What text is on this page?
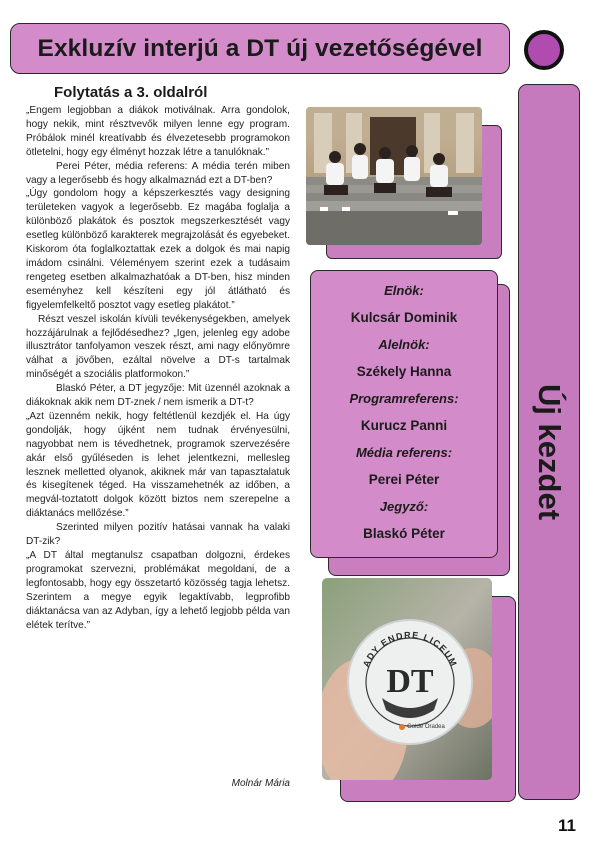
Exkluzív interjú a DT új vezetőségével
Új kezdet
Folytatás a 3. oldalról

„Engem legjobban a diákok motiválnak. Arra gondolok, hogy nekik, mint résztvevők milyen lenne egy program. Próbálok minél kreatívabb és élvezetesebb programokon ötletelni, hogy egy élményt hozzak létre a tanulóknak.”

Perei Péter, média referens: A média terén miben vagy a legerősebb és hogy alkalmaznád ezt a DT-ben?

„Úgy gondolom hogy a képszerkesztés vagy designing területeken vagyok a legerősebb. Ez magába foglalja a különböző plakátok és posztok megszerkesztését vagy esetleg különböző karakterek megrajzolását és egyebeket. Kiskorom óta foglalkoztattak ezek a dolgok és mai napig imádom csinálni. Véleményem szerint ezek a tudásaim rengeteg esetben alkalmazhatóak a DT-ben, hisz minden eseményhez kell készíteni egy jól átlátható és figyelemfelkeltő posztot vagy esetleg plakátot.”

Részt veszel iskolán kívüli tevékenységekben, amelyek hozzájárulnak a fejlődésedhez? „Igen, jelenleg egy adobe illusztrátor tanfolyamon veszek részt, ami nagy előnyömre válhat a jövőben, ezáltal növelve a DT-s tartalmak minőségét a szociális platformokon.”

Blaskó Péter, a DT jegyzője: Mit üzennél azoknak a diákoknak akik nem DT-znek / nem ismerik a DT-t?

„Azt üzenném nekik, hogy feltétlenül kezdjék el. Ha úgy gondolják, hogy újként nem tudnak érvényesülni, nagyobbat nem is tévedhetnek, programok szervezésére akár első gyűléseden is lehet jelentkezni, mellesleg lesznek melletted olyanok, akiknek már van tapasztalatuk és kisegítenek téged. Ha visszamehetnék az időben, a megvál-toztatott dolgok között biztos nem szerepelne a diáktanács mellőzése.”

Szerinted milyen pozitív hatásai vannak ha valaki DT-zik?

„A DT által megtanulsz csapatban dolgozni, érdekes programokat szervezni, problémákat megoldani, de a legfontosabb, hogy egy összetartó közösség tagja lehetsz. Szerintem a megye egyik legaktívabb, legprofibb diáktanácsa van az Adyban, így a lehető legjobb példa van elétek terítve.”

Molnár Mária
Elnök:
Kulcsár Dominik
Alelnök:
Székely Hanna
Programreferens:
Kurucz Panni
Média referens:
Perei Péter
Jegyző:
Blaskó Péter
ADY ENDRE LICEUM
DT
Golde Oradea
11
